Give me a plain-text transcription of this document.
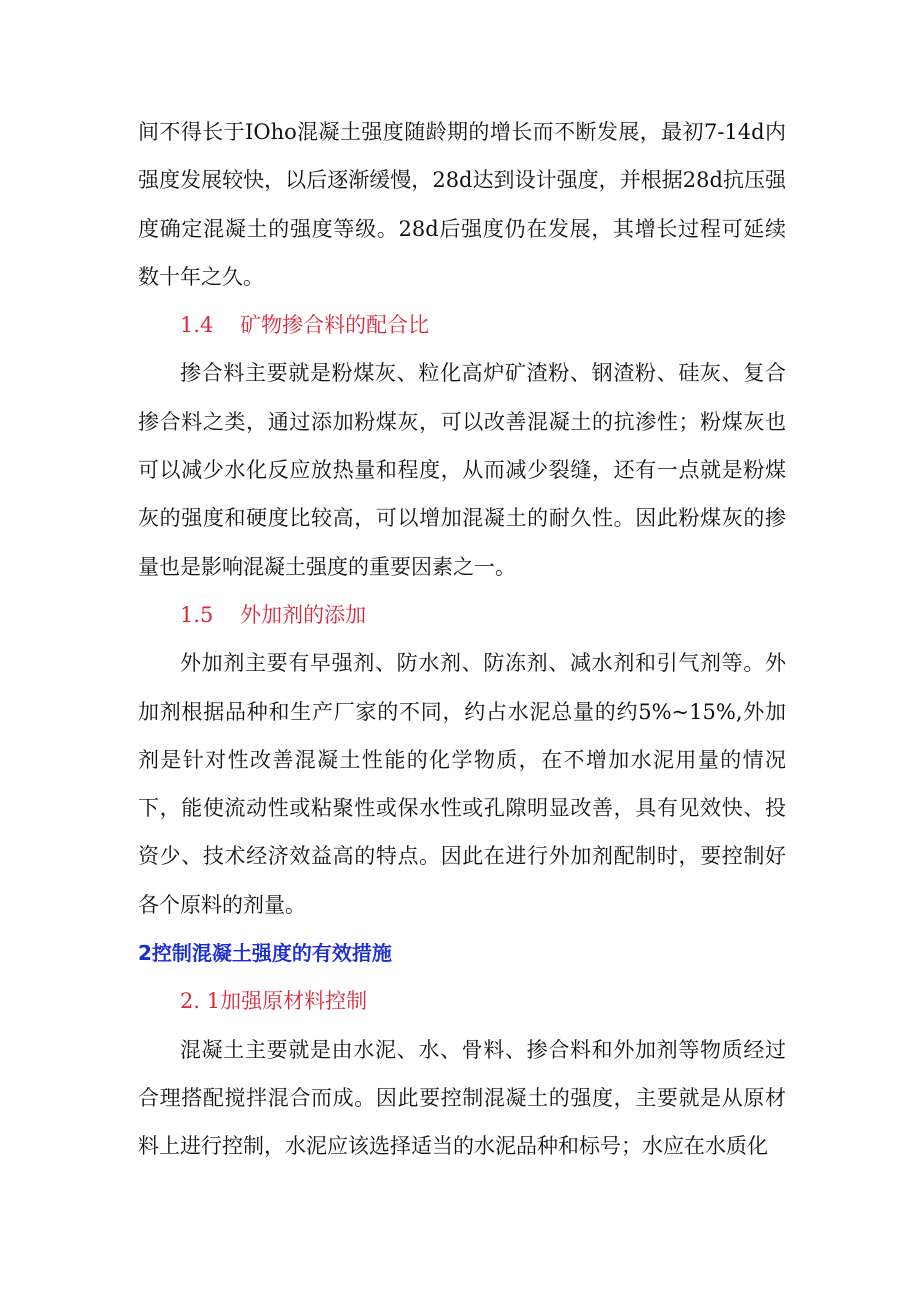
间不得长于IOho混凝土强度随龄期的增长而不断发展，最初7-14d内强度发展较快，以后逐渐缓慢，28d达到设计强度，并根据28d抗压强度确定混凝土的强度等级。28d后强度仍在发展，其增长过程可延续数十年之久。

1.4    矿物掺合料的配合比

掺合料主要就是粉煤灰、粒化高炉矿渣粉、钢渣粉、硅灰、复合掺合料之类，通过添加粉煤灰，可以改善混凝土的抗渗性；粉煤灰也可以减少水化反应放热量和程度，从而减少裂缝，还有一点就是粉煤灰的强度和硬度比较高，可以增加混凝土的耐久性。因此粉煤灰的掺量也是影响混凝土强度的重要因素之一。

1.5    外加剂的添加

外加剂主要有早强剂、防水剂、防冻剂、减水剂和引气剂等。外加剂根据品种和生产厂家的不同，约占水泥总量的约5%~15%,外加剂是针对性改善混凝土性能的化学物质，在不增加水泥用量的情况下，能使流动性或粘聚性或保水性或孔隙明显改善，具有见效快、投资少、技术经济效益高的特点。因此在进行外加剂配制时，要控制好各个原料的剂量。

2控制混凝土强度的有效措施

2. 1加强原材料控制

混凝土主要就是由水泥、水、骨料、掺合料和外加剂等物质经过合理搭配搅拌混合而成。因此要控制混凝土的强度，主要就是从原材料上进行控制，水泥应该选择适当的水泥品种和标号；水应在水质化
